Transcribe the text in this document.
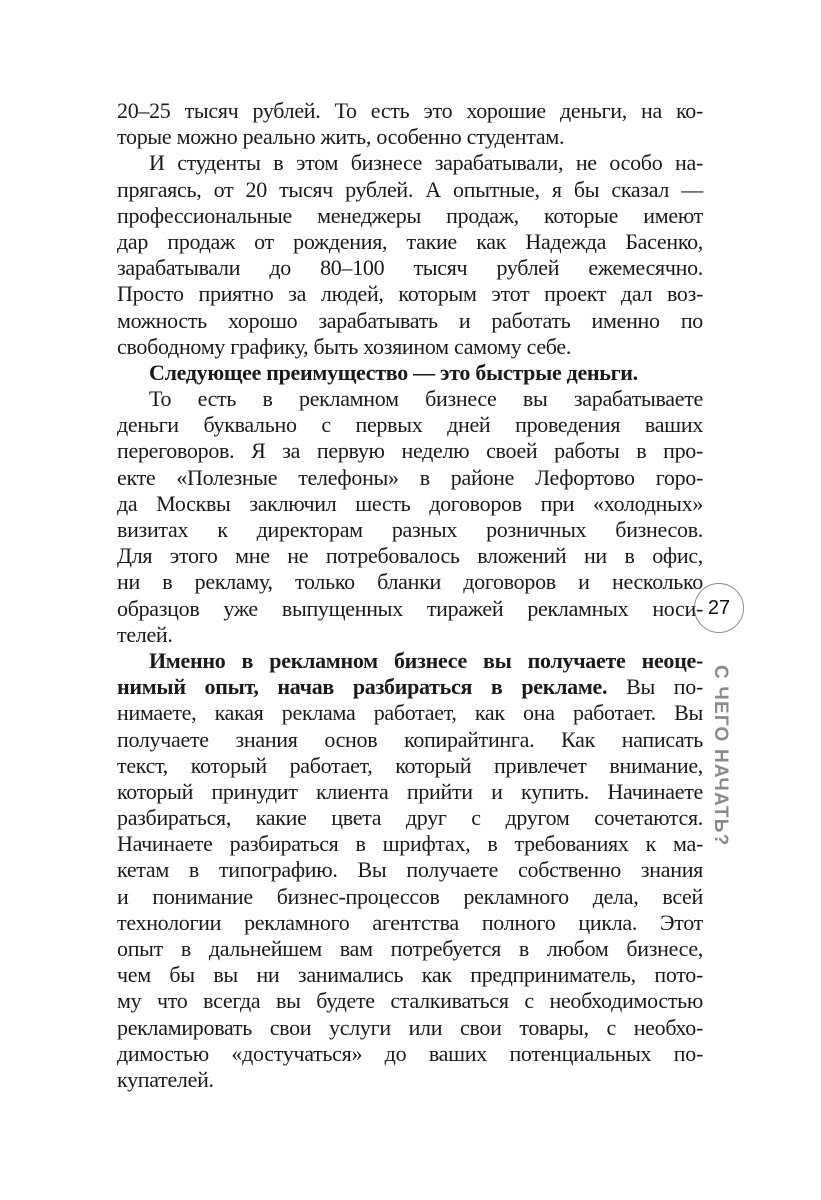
20–25 тысяч рублей. То есть это хорошие деньги, на ко-
торые можно реально жить, особенно студентам.
И студенты в этом бизнесе зарабатывали, не особо на-
прягаясь, от 20 тысяч рублей. А опытные, я бы сказал —
профессиональные менеджеры продаж, которые имеют
дар продаж от рождения, такие как Надежда Басенко,
зарабатывали до 80–100 тысяч рублей ежемесячно.
Просто приятно за людей, которым этот проект дал воз-
можность хорошо зарабатывать и работать именно по
свободному графику, быть хозяином самому себе.
Следующее преимущество — это быстрые деньги.
То есть в рекламном бизнесе вы зарабатываете
деньги буквально с первых дней проведения ваших
переговоров. Я за первую неделю своей работы в про-
екте «Полезные телефоны» в районе Лефортово горо-
да Москвы заключил шесть договоров при «холодных»
визитах к директорам разных розничных бизнесов.
Для этого мне не потребовалось вложений ни в офис,
ни в рекламу, только бланки договоров и несколько
образцов уже выпущенных тиражей рекламных носи-
телей.
Именно в рекламном бизнесе вы получаете неоце-
нимый опыт, начав разбираться в рекламе. Вы по-
нимаете, какая реклама работает, как она работает. Вы
получаете знания основ копирайтинга. Как написать
текст, который работает, который привлечет внимание,
который принудит клиента прийти и купить. Начинаете
разбираться, какие цвета друг с другом сочетаются.
Начинаете разбираться в шрифтах, в требованиях к ма-
кетам в типографию. Вы получаете собственно знания
и понимание бизнес-процессов рекламного дела, всей
технологии рекламного агентства полного цикла. Этот
опыт в дальнейшем вам потребуется в любом бизнесе,
чем бы вы ни занимались как предприниматель, пото-
му что всегда вы будете сталкиваться с необходимостью
рекламировать свои услуги или свои товары, с необхо-
димостью «достучаться» до ваших потенциальных по-
купателей.
27
С ЧЕГО НАЧАТЬ?
